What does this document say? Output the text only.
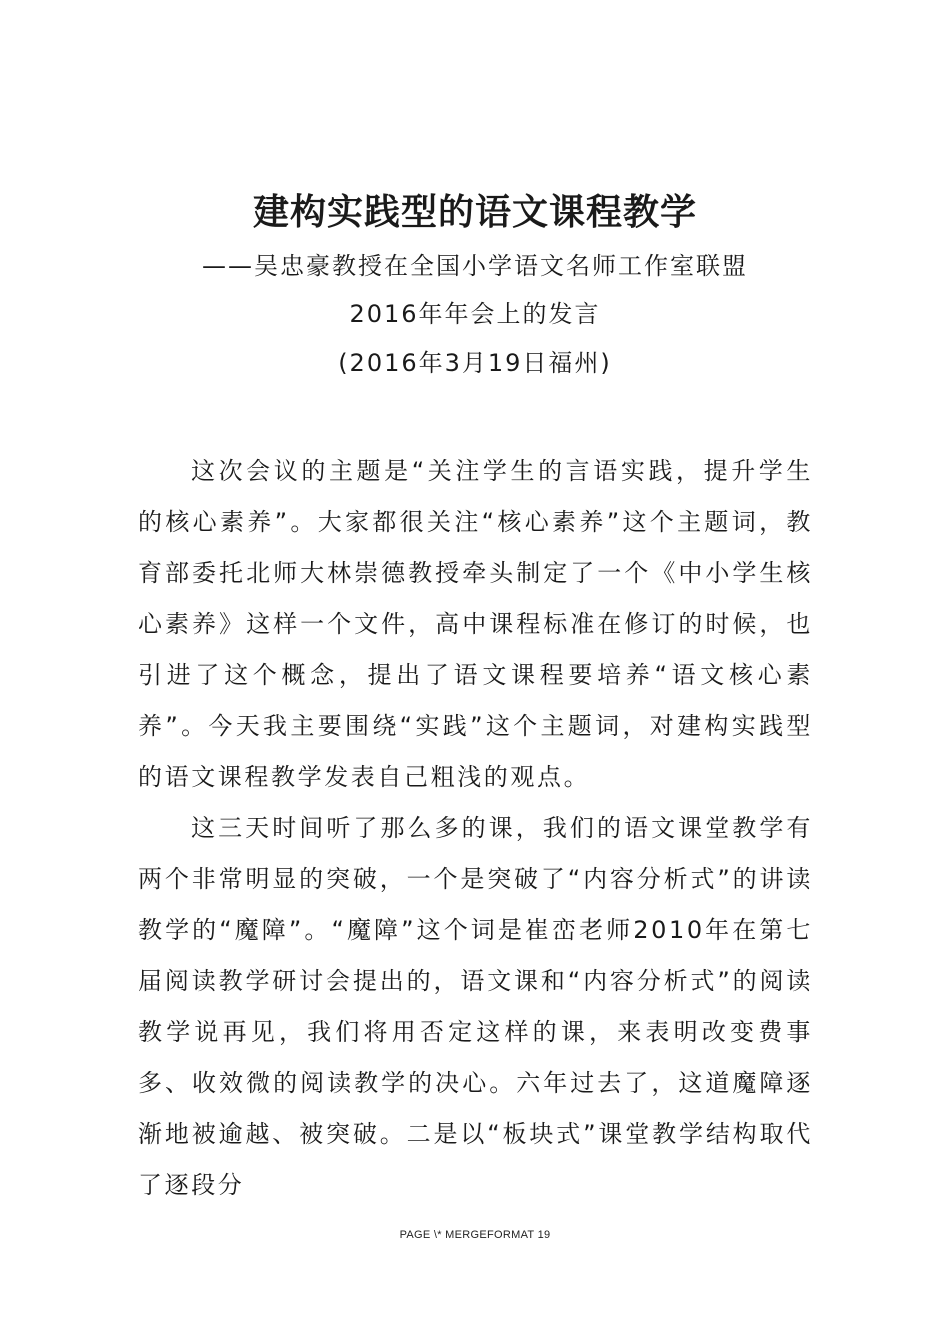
建构实践型的语文课程教学
——吴忠豪教授在全国小学语文名师工作室联盟
2016年年会上的发言
(2016年3月19日福州)

这次会议的主题是“关注学生的言语实践，提升学生的核心素养”。大家都很关注“核心素养”这个主题词，教育部委托北师大林崇德教授牵头制定了一个《中小学生核心素养》这样一个文件，高中课程标准在修订的时候，也引进了这个概念，提出了语文课程要培养“语文核心素养”。今天我主要围绕“实践”这个主题词，对建构实践型的语文课程教学发表自己粗浅的观点。

这三天时间听了那么多的课，我们的语文课堂教学有两个非常明显的突破，一个是突破了“内容分析式”的讲读教学的“魔障”。“魔障”这个词是崔峦老师2010年在第七届阅读教学研讨会提出的，语文课和“内容分析式”的阅读教学说再见，我们将用否定这样的课，来表明改变费事多、收效微的阅读教学的决心。六年过去了，这道魔障逐渐地被逾越、被突破。二是以“板块式”课堂教学结构取代了逐段分

PAGE \* MERGEFORMAT 19
